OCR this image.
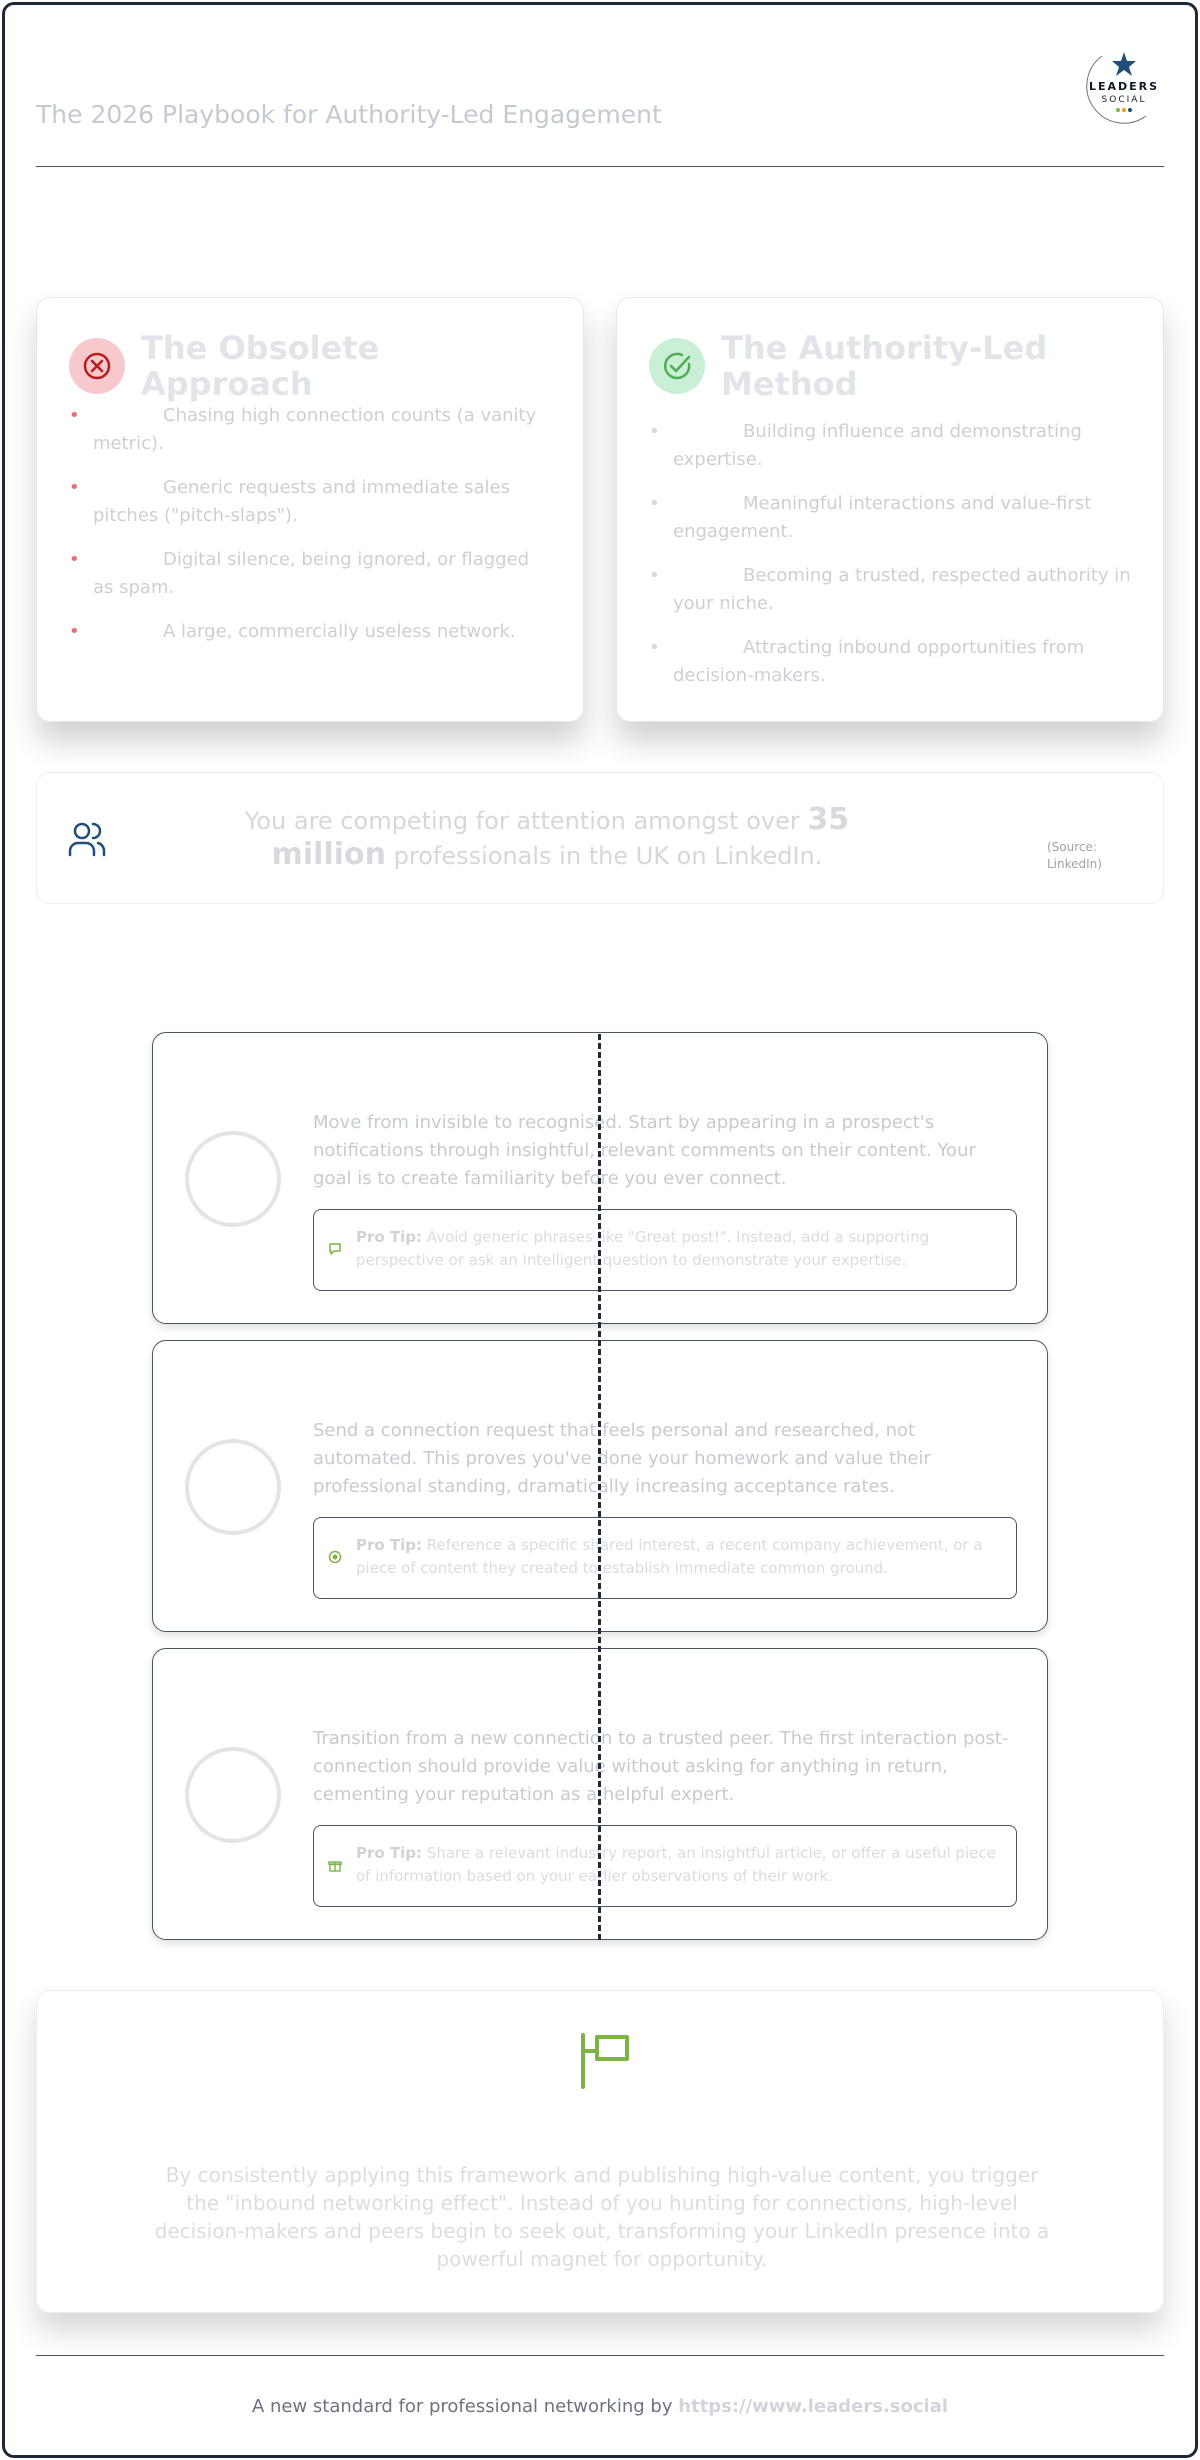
The 2026 Playbook for Authority-Led Engagement
LEADERS
SOCIAL
The Obsolete Approach
•	Chasing high connection counts (a vanity metric).
•	Generic requests and immediate sales pitches ("pitch-slaps").
•	Digital silence, being ignored, or flagged as spam.
•	A large, commercially useless network.
The Authority-Led Method
•	Building influence and demonstrating expertise.
•	Meaningful interactions and value-first engagement.
•	Becoming a trusted, respected authority in your niche.
•	Attracting inbound opportunities from decision-makers.
You are competing for attention amongst over 35 million professionals in the UK on LinkedIn.	(Source: LinkedIn)
Move from invisible to recognised. Start by appearing in a prospect's notifications through insightful, relevant comments on their content. Your goal is to create familiarity before you ever connect.
Pro Tip: Avoid generic phrases like "Great post!". Instead, add a supporting perspective or ask an intelligent question to demonstrate your expertise.
Send a connection request that feels personal and researched, not automated. This proves you've done your homework and value their professional standing, dramatically increasing acceptance rates.
Pro Tip: Reference a specific shared interest, a recent company achievement, or a piece of content they created to establish immediate common ground.
Transition from a new connection to a trusted peer. The first interaction post-connection should provide value without asking for anything in return, cementing your reputation as a helpful expert.
Pro Tip: Share a relevant industry report, an insightful article, or offer a useful piece of information based on your earlier observations of their work.

By consistently applying this framework and publishing high-value content, you trigger the "inbound networking effect". Instead of you hunting for connections, high-level decision-makers and peers begin to seek out, transforming your LinkedIn presence into a powerful magnet for opportunity.

A new standard for professional networking by https://www.leaders.social
